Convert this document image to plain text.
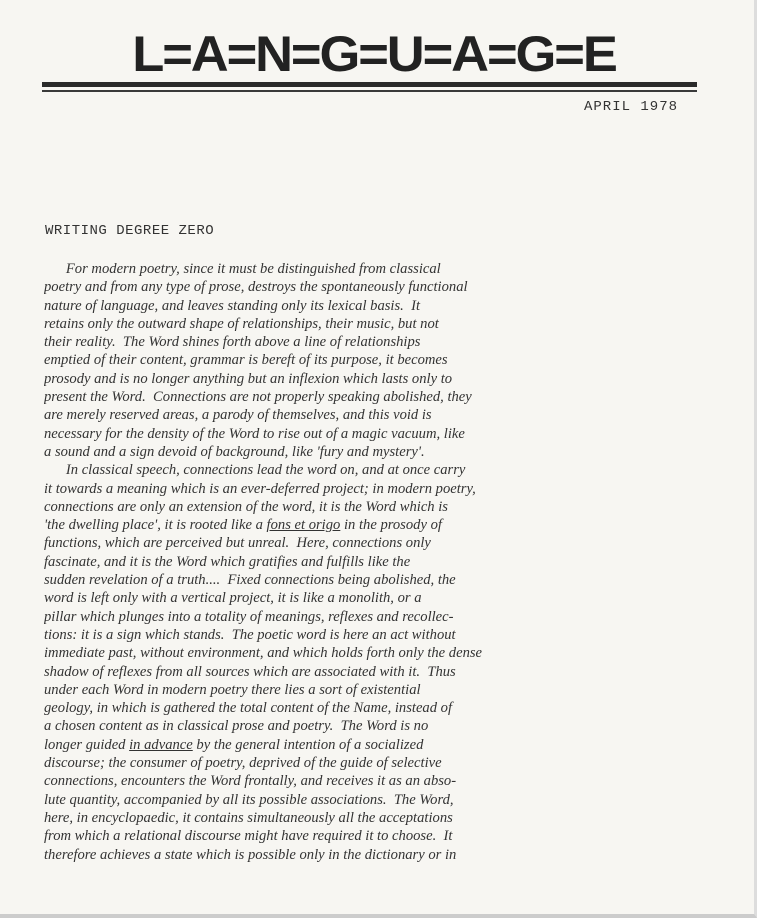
L=A=N=G=U=A=G=E
APRIL 1978
WRITING DEGREE ZERO
For modern poetry, since it must be distinguished from classical
poetry and from any type of prose, destroys the spontaneously functional
nature of language, and leaves standing only its lexical basis.  It
retains only the outward shape of relationships, their music, but not
their reality.  The Word shines forth above a line of relationships
emptied of their content, grammar is bereft of its purpose, it becomes
prosody and is no longer anything but an inflexion which lasts only to
present the Word.  Connections are not properly speaking abolished, they
are merely reserved areas, a parody of themselves, and this void is
necessary for the density of the Word to rise out of a magic vacuum, like
a sound and a sign devoid of background, like 'fury and mystery'.
In classical speech, connections lead the word on, and at once carry
it towards a meaning which is an ever-deferred project; in modern poetry,
connections are only an extension of the word, it is the Word which is
'the dwelling place', it is rooted like a fons et origo in the prosody of
functions, which are perceived but unreal.  Here, connections only
fascinate, and it is the Word which gratifies and fulfills like the
sudden revelation of a truth....  Fixed connections being abolished, the
word is left only with a vertical project, it is like a monolith, or a
pillar which plunges into a totality of meanings, reflexes and recollec-
tions: it is a sign which stands.  The poetic word is here an act without
immediate past, without environment, and which holds forth only the dense
shadow of reflexes from all sources which are associated with it.  Thus
under each Word in modern poetry there lies a sort of existential
geology, in which is gathered the total content of the Name, instead of
a chosen content as in classical prose and poetry.  The Word is no
longer guided in advance by the general intention of a socialized
discourse; the consumer of poetry, deprived of the guide of selective
connections, encounters the Word frontally, and receives it as an abso-
lute quantity, accompanied by all its possible associations.  The Word,
here, in encyclopaedic, it contains simultaneously all the acceptations
from which a relational discourse might have required it to choose.  It
therefore achieves a state which is possible only in the dictionary or in
